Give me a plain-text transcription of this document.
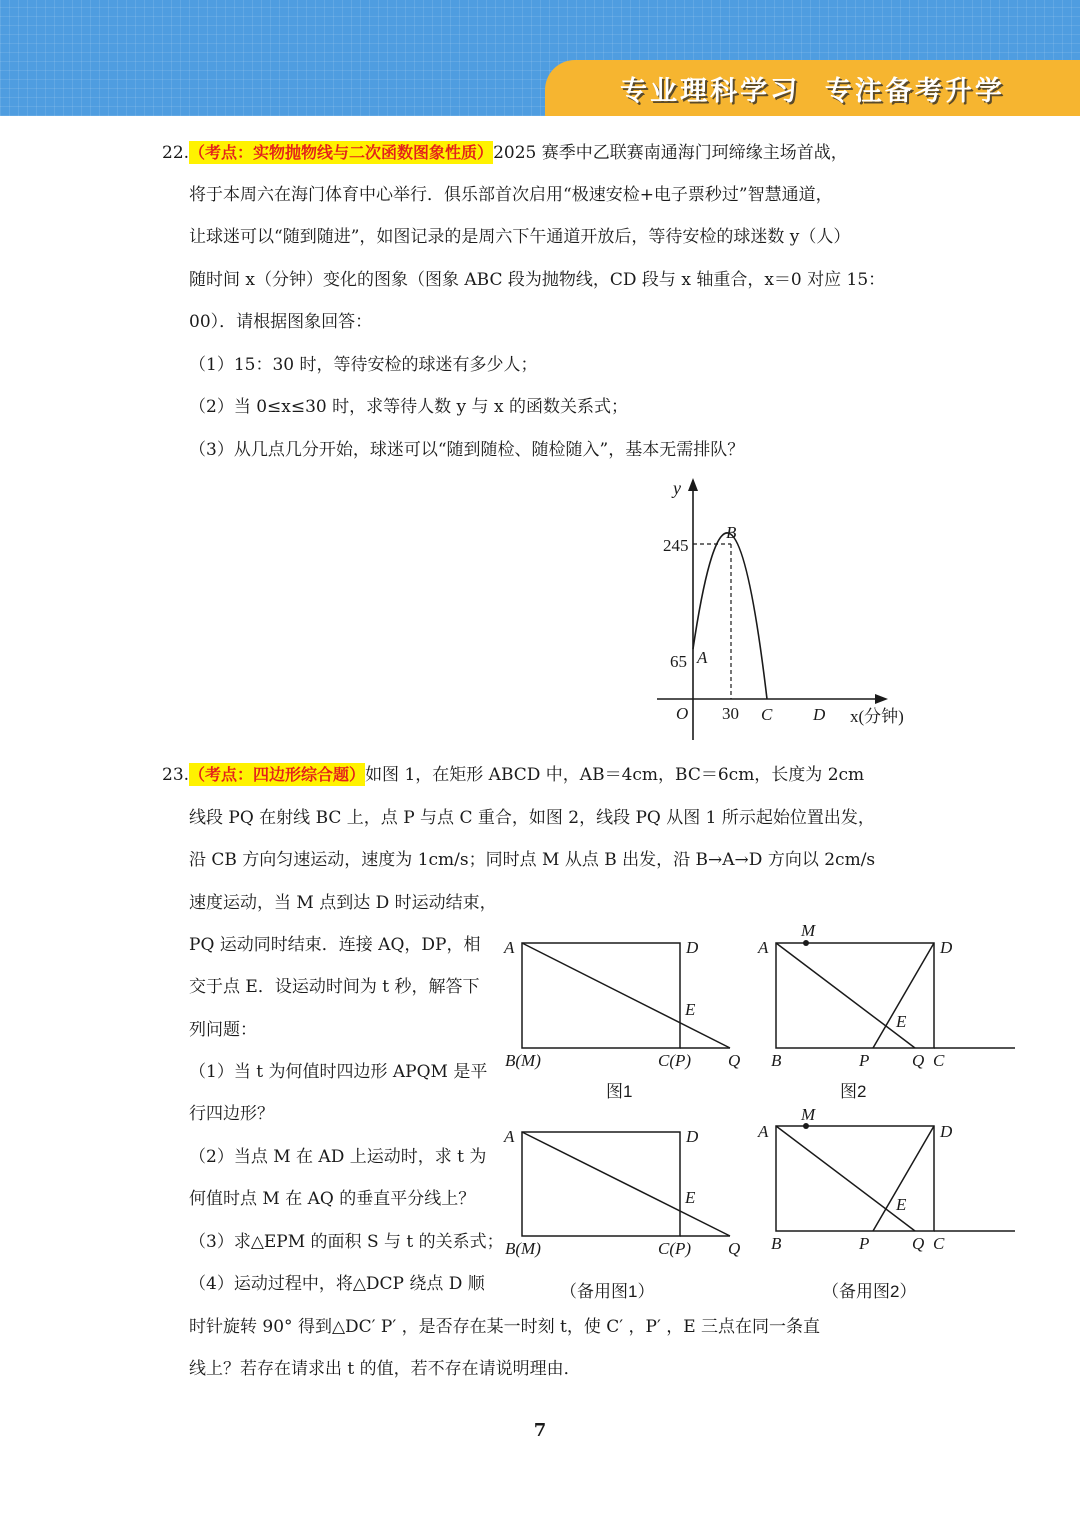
专业理科学习  专注备考升学
22.（考点：实物抛物线与二次函数图象性质）2025 赛季中乙联赛南通海门珂缔缘主场首战，
将于本周六在海门体育中心举行．俱乐部首次启用“极速安检+电子票秒过”智慧通道，
让球迷可以“随到随进”，如图记录的是周六下午通道开放后，等待安检的球迷数 y（人）
随时间 x（分钟）变化的图象（图象 ABC 段为抛物线，CD 段与 x 轴重合，x＝0 对应 15：
00）．请根据图象回答：
（1）15：30 时，等待安检的球迷有多少人；
（2）当 0≤x≤30 时，求等待人数 y 与 x 的函数关系式；
（3）从几点几分开始，球迷可以“随到随检、随检随入”，基本无需排队？
y
245
65 A
B
O 30 C D x(分钟)
A	D
E
B(M)	C(P) Q
图1
M
A	D
E
B	P	Q C
图2
A	D
E
B(M)	C(P) Q
（备用图1）
M
A	D
E
B	P	Q C
（备用图2）
23.（考点：四边形综合题）如图 1，在矩形 ABCD 中，AB＝4cm，BC＝6cm，长度为 2cm
线段 PQ 在射线 BC 上，点 P 与点 C 重合，如图 2，线段 PQ 从图 1 所示起始位置出发，
沿 CB 方向匀速运动，速度为 1cm/s；同时点 M 从点 B 出发，沿 B→A→D 方向以 2cm/s
速度运动，当 M 点到达 D 时运动结束，
PQ 运动同时结束．连接 AQ，DP，相
交于点 E．设运动时间为 t 秒，解答下
列问题：
（1）当 t 为何值时四边形 APQM 是平
行四边形？
（2）当点 M 在 AD 上运动时，求 t 为
何值时点 M 在 AQ 的垂直平分线上？
（3）求△EPM 的面积 S 与 t 的关系式；
（4）运动过程中，将△DCP 绕点 D 顺
时针旋转 90° 得到△DC′ P′ ，是否存在某一时刻 t，使 C′ ，P′ ，E 三点在同一条直
线上？若存在请求出 t 的值，若不存在请说明理由．
7
